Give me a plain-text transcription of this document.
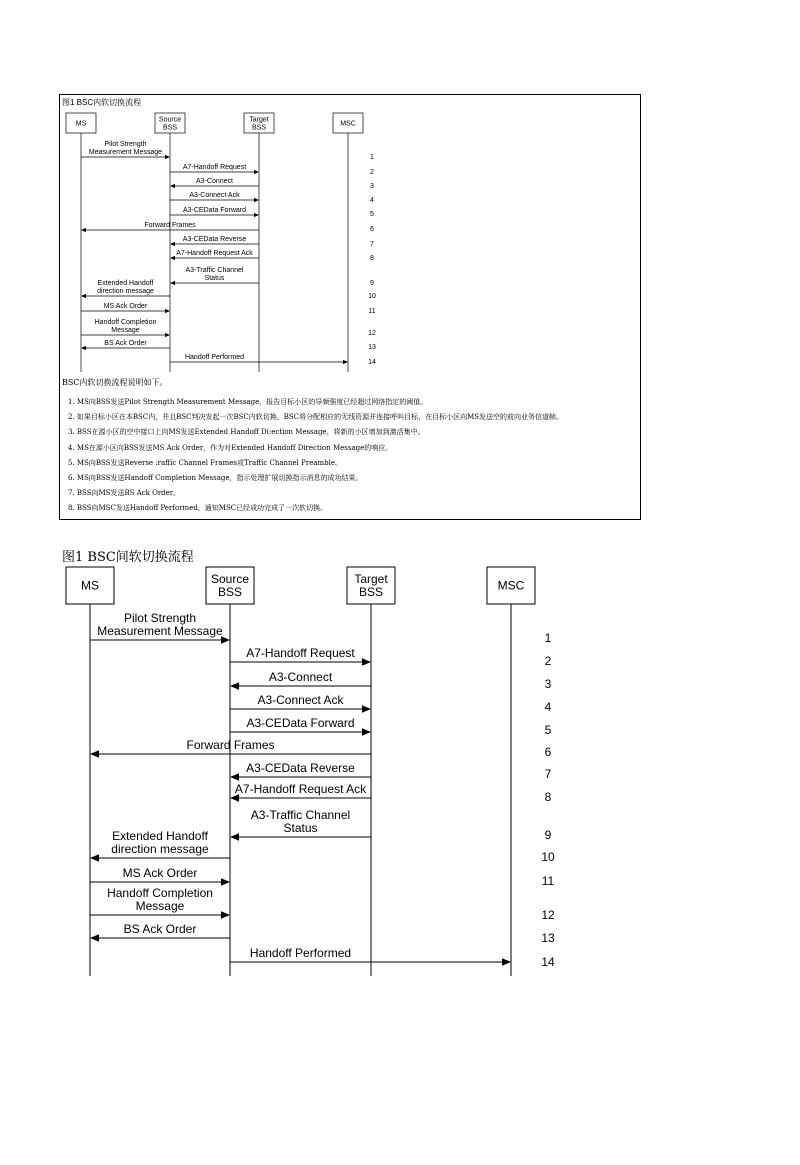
图1 BSC内软切换流程
MS
Source
BSS
Target
BSS
MSC
Pilot Strength
Measurement Message
1
A7-Handoff Request
2
A3-Connect
3
A3-Connect Ack
4
A3-CEData Forward
5
Forward Frames
6
A3-CEData Reverse
7
A7-Handoff Request Ack
8
A3-Traffic Channel
Status
9
Extended Handoff
direction message
10
MS Ack Order
11
Handoff Completion
Message	12
BS Ack Order
13
Handoff Performed
14
BSC内软切换流程说明如下。
1. MS向BSS发送Pilot Strength Measurement Message，报告目标小区的导频强度已经超过网络指定的阈值。
2. 如果目标小区在本BSC内，并且BSC判决发起一次BSC内软切换，BSC将分配相应的无线资源并连接呼叫目标，在目标小区向MS发送空的前向业务信道帧。
3. BSS在源小区的空中接口上向MS发送Extended Handoff Di:ection Message，将新的小区增加到激活集中。
4. MS在源小区向BSS发送MS Ack Order，作为对Extended Handoff Direction Message的响应。
5. MS向BSS发送Reverse :raffic Channel Frames或Traffic Channel Preamble。
6. MS向BSS发送Handoff Completion Message，指示处理扩展切换指示消息的成功结果。
7. BSS向MS发送BS Ack Order。
8. BSS向MSC发送Handoff Performed，通知MSC已经成功完成了一次软切换。
图1 BSC间软切换流程
MS	Source
BSS
Target
BSS	MSC
Pilot Strength
Measurement Message	1
A7-Handoff Request
2
A3-Connect	3
A3-Connect Ack	4
A3-CEData Forward	5
Forward Frames	6
A3-CEData Reverse	7
A7-Handoff Request Ack
8
A3-Traffic Channel
Status	9
Extended Handoff
direction message
10
MS Ack Order
11
Handoff Completion
Message
12
BS Ack Order
13
Handoff Performed
14
